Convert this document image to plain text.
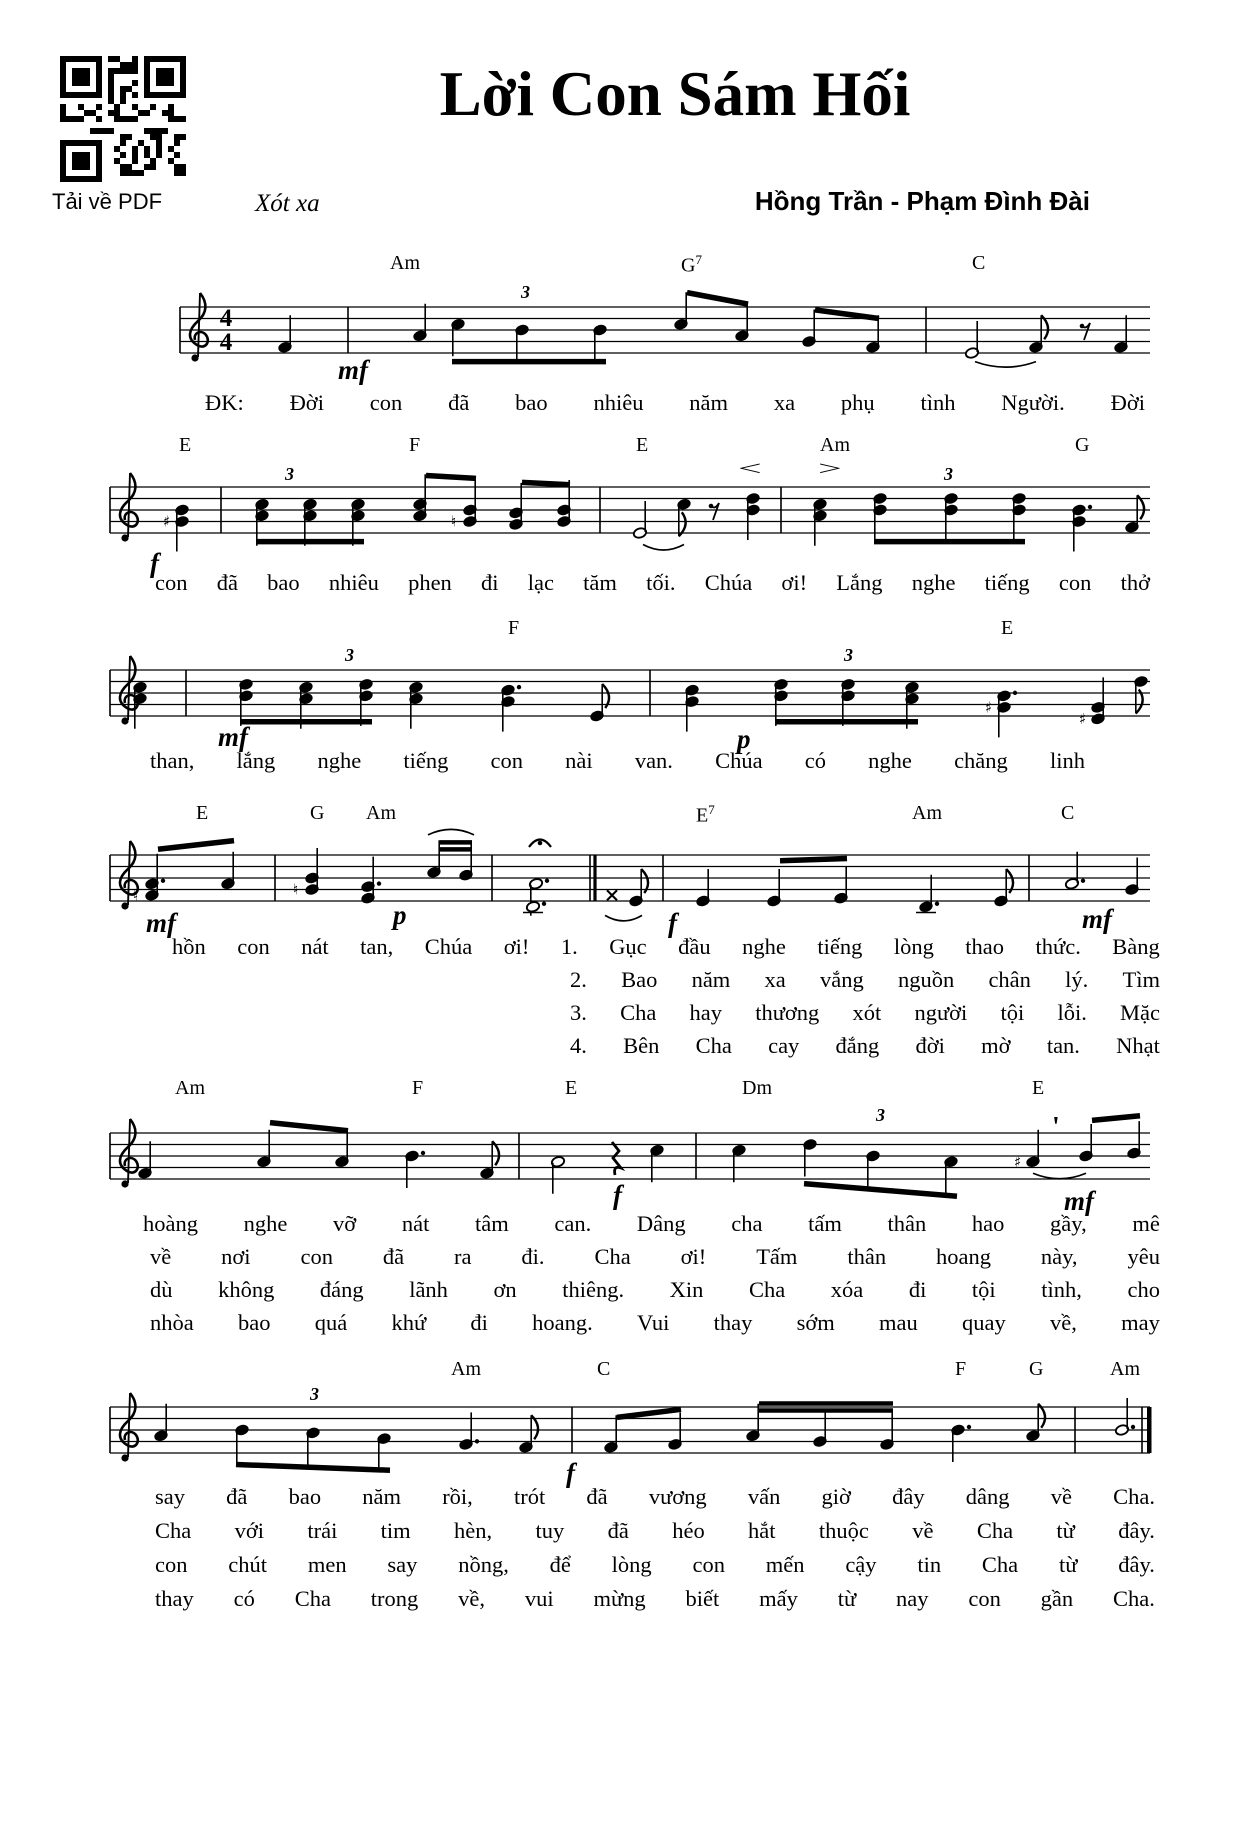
Tải về PDF
Lời Con Sám Hối
Xót xa	Hồng Trần - Phạm Đình Đài
4
4
♯	♮
♯
♯
♮	♮
♯
Am	$G^7$	C
3
mf
ĐK: Đời con đã bao nhiêu năm xa phụ tình Người. Đời
E	F	E	Am	G
3	3
f
<	>
con đã bao nhiêu phen đi lạc tăm tối. Chúa ơi! Lắng nghe tiếng con thở
F	E
3	3
mf	p
than, lắng nghe tiếng con nài van. Chúa có nghe chăng linh
E	G Am	$E^7$	Am	C
mf	p	f	mf
hồn con nát tan, Chúa ơi! 1. Gục đầu nghe tiếng lòng thao thức. Bàng
2. Bao năm xa vắng nguồn chân lý. Tìm
3. Cha hay thương xót người tội lỗi. Mặc
4. Bên Cha cay đắng đời mờ tan. Nhạt
Am	F	E	Dm	E
3
f	mf
'
hoàng nghe vỡ nát tâm can. Dâng cha tấm thân hao gầy, mê
về nơi con đã ra đi. Cha ơi! Tấm thân hoang này, yêu
dù không đáng lãnh ơn thiêng. Xin Cha xóa đi tội tình, cho
nhòa bao quá khứ đi hoang. Vui thay sớm mau quay về, may
Am	C	F	G	Am
3
f
say đã bao năm rồi, trót đã vương vấn giờ đây dâng về Cha.
Cha với trái tim hèn, tuy đã héo hắt thuộc về Cha từ đây.
con chút men say nồng, để lòng con mến cậy tin Cha từ đây.
thay có Cha trong về, vui mừng biết mấy từ nay con gần Cha.
